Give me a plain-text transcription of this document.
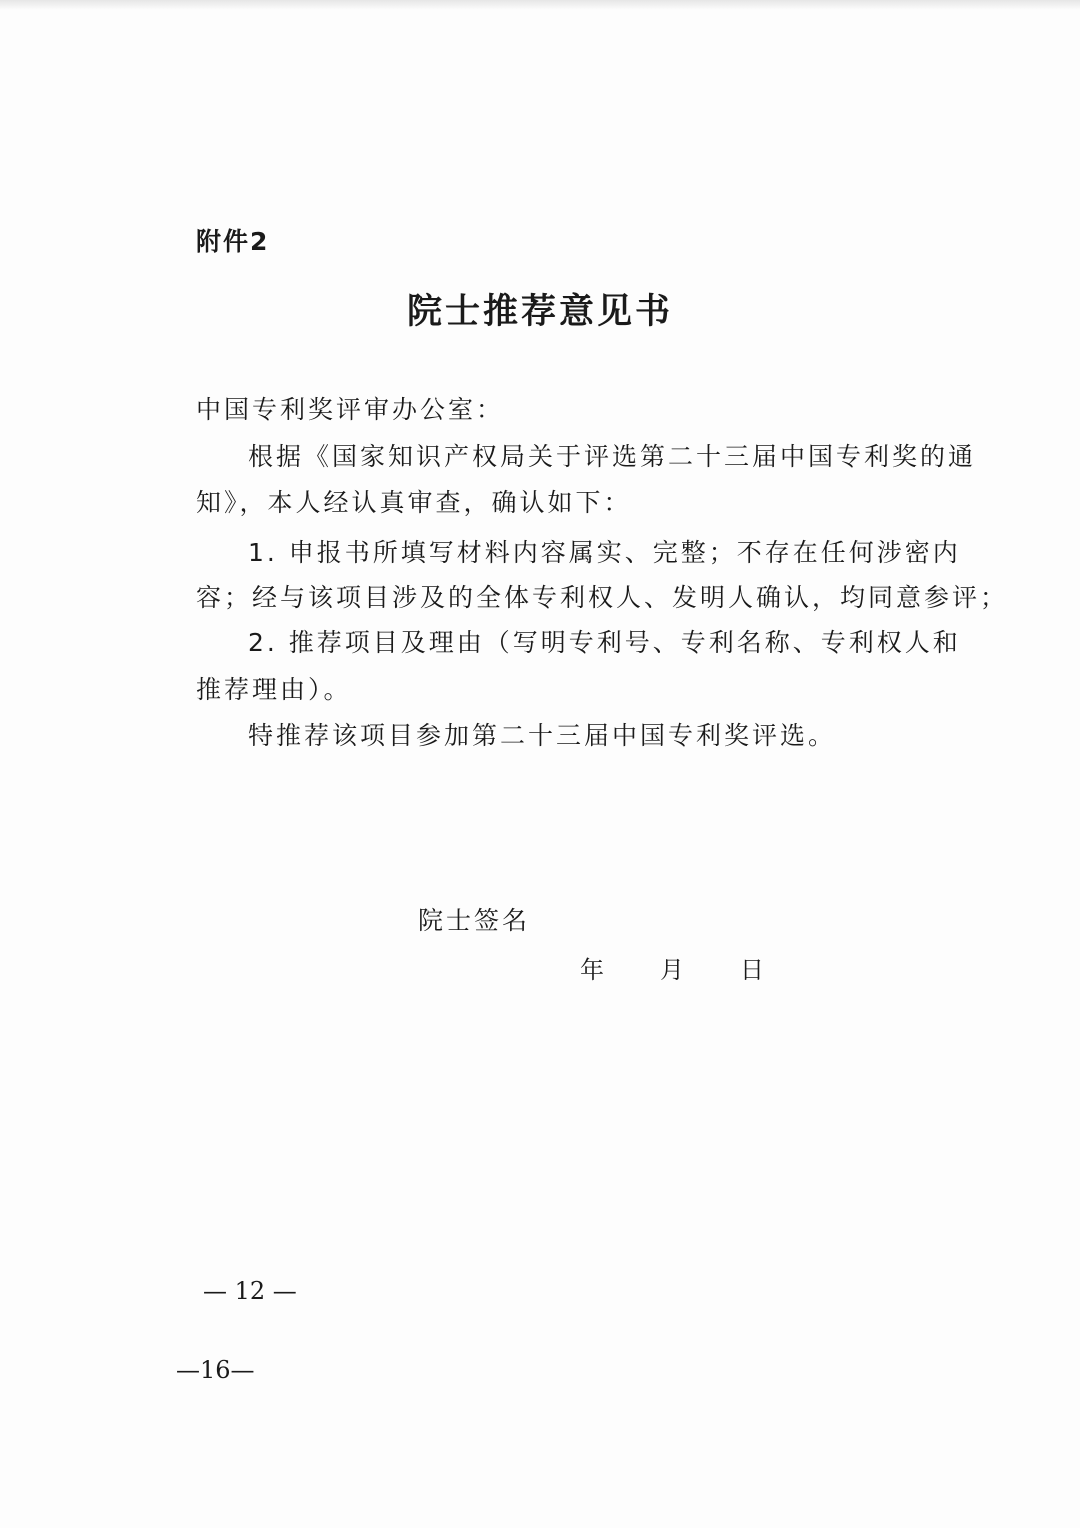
附件2
院士推荐意见书
中国专利奖评审办公室：
根据《国家知识产权局关于评选第二十三届中国专利奖的通
知》，本人经认真审查，确认如下：
1. 申报书所填写材料内容属实、完整；不存在任何涉密内
容；经与该项目涉及的全体专利权人、发明人确认，均同意参评；
2. 推荐项目及理由（写明专利号、专利名称、专利权人和
推荐理由）。
特推荐该项目参加第二十三届中国专利奖评选。
院士签名
年 月 日
— 12 —
—16—
